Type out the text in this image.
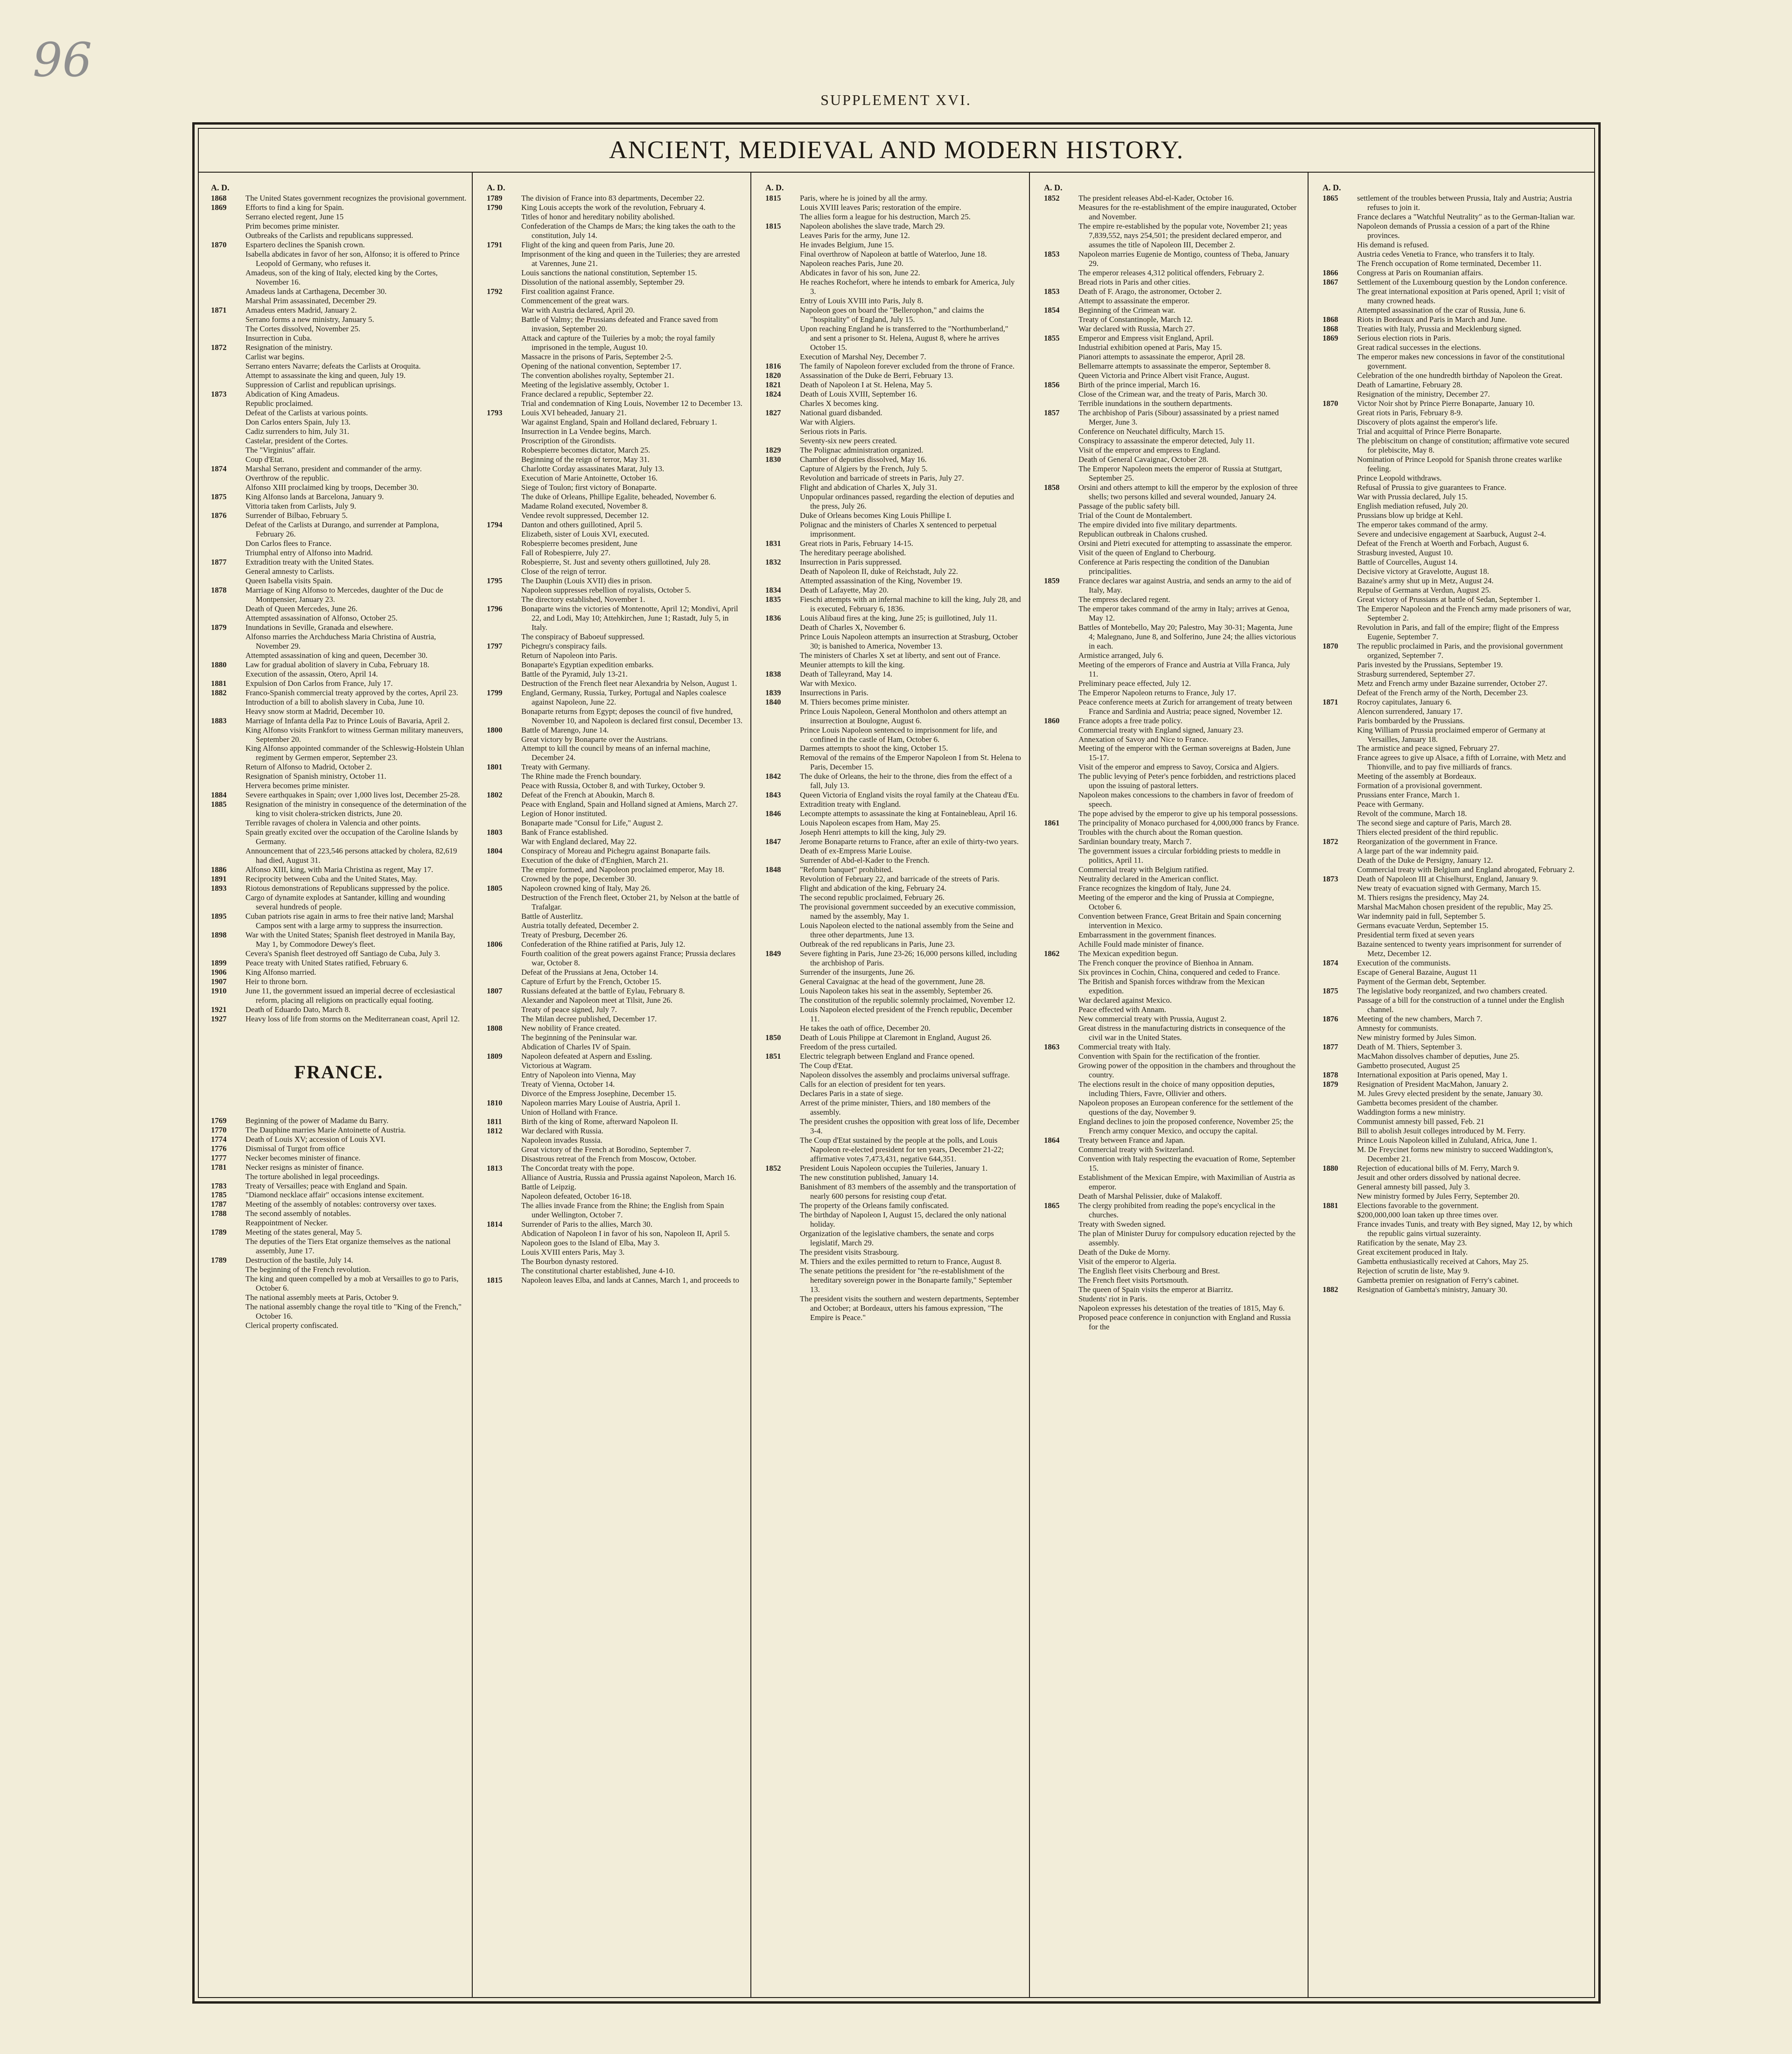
96
SUPPLEMENT XVI.
ANCIENT, MEDIEVAL AND MODERN HISTORY.
A. D.
1868	The United States government recognizes the provisional government.
1869	Efforts to find a king for Spain.
Serrano elected regent, June 15
Prim becomes prime minister.
Outbreaks of the Carlists and republicans suppressed.
1870	Espartero declines the Spanish crown.
Isabella abdicates in favor of her son, Alfonso; it is offered to Prince Leopold of Germany, who refuses it.
Amadeus, son of the king of Italy, elected king by the Cortes, November 16.
Amadeus lands at Carthagena, December 30.
Marshal Prim assassinated, December 29.
1871	Amadeus enters Madrid, January 2.
Serrano forms a new ministry, January 5.
The Cortes dissolved, November 25.
Insurrection in Cuba.
1872	Resignation of the ministry.
Carlist war begins.
Serrano enters Navarre; defeats the Carlists at Oroquita.
Attempt to assassinate the king and queen, July 19.
Suppression of Carlist and republican uprisings.
1873	Abdication of King Amadeus.
Republic proclaimed.
Defeat of the Carlists at various points.
Don Carlos enters Spain, July 13.
Cadiz surrenders to him, July 31.
Castelar, president of the Cortes.
The "Virginius" affair.
Coup d'Etat.
1874	Marshal Serrano, president and commander of the army.
Overthrow of the republic.
Alfonso XIII proclaimed king by troops, December 30.
1875	King Alfonso lands at Barcelona, January 9.
Vittoria taken from Carlists, July 9.
1876	Surrender of Bilbao, February 5.
Defeat of the Carlists at Durango, and surrender at Pamplona, February 26.
Don Carlos flees to France.
Triumphal entry of Alfonso into Madrid.
1877	Extradition treaty with the United States.
General amnesty to Carlists.
Queen Isabella visits Spain.
1878	Marriage of King Alfonso to Mercedes, daughter of the Duc de Montpensier, January 23.
Death of Queen Mercedes, June 26.
Attempted assassination of Alfonso, October 25.
1879	Inundations in Seville, Granada and elsewhere.
Alfonso marries the Archduchess Maria Christina of Austria, November 29.
Attempted assassination of king and queen, December 30.
1880	Law for gradual abolition of slavery in Cuba, February 18.
Execution of the assassin, Otero, April 14.
1881	Expulsion of Don Carlos from France, July 17.
1882	Franco-Spanish commercial treaty approved by the cortes, April 23.
Introduction of a bill to abolish slavery in Cuba, June 10.
Heavy snow storm at Madrid, December 10.
1883	Marriage of Infanta della Paz to Prince Louis of Bavaria, April 2.
King Alfonso visits Frankfort to witness German military maneuvers, September 20.
King Alfonso appointed commander of the Schleswig-Holstein Uhlan regiment by Germen emperor, September 23.
Return of Alfonso to Madrid, October 2.
Resignation of Spanish ministry, October 11.
Hervera becomes prime minister.
1884	Severe earthquakes in Spain; over 1,000 lives lost, December 25-28.
1885	Resignation of the ministry in consequence of the determination of the king to visit cholera-stricken districts, June 20.
Terrible ravages of cholera in Valencia and other points.
Spain greatly excited over the occupation of the Caroline Islands by Germany.
Announcement that of 223,546 persons attacked by cholera, 82,619 had died, August 31.
1886	Alfonso XIII, king, with Maria Christina as regent, May 17.
1891	Reciprocity between Cuba and the United States, May.
1893	Riotous demonstrations of Republicans suppressed by the police.
Cargo of dynamite explodes at Santander, killing and wounding several hundreds of people.
1895	Cuban patriots rise again in arms to free their native land; Marshal Campos sent with a large army to suppress the insurrection.
1898	War with the United States; Spanish fleet destroyed in Manila Bay, May 1, by Commodore Dewey's fleet.
Cevera's Spanish fleet destroyed off Santiago de Cuba, July 3.
1899	Peace treaty with United States ratified, February 6.
1906	King Alfonso married.
1907	Heir to throne born.
1910	June 11, the government issued an imperial decree of ecclesiastical reform, placing all religions on practically equal footing.
1921	Death of Eduardo Dato, March 8.
1927	Heavy loss of life from storms on the Mediterranean coast, April 12.
FRANCE.
1769	Beginning of the power of Madame du Barry.
1770	The Dauphine marries Marie Antoinette of Austria.
1774	Death of Louis XV; accession of Louis XVI.
1776	Dismissal of Turgot from office
1777	Necker becomes minister of finance.
1781	Necker resigns as minister of finance.
The torture abolished in legal proceedings.
1783	Treaty of Versailles; peace with England and Spain.
1785	"Diamond necklace affair" occasions intense excitement.
1787	Meeting of the assembly of notables: controversy over taxes.
1788	The second assembly of notables.
Reappointment of Necker.
1789	Meeting of the states general, May 5.
The deputies of the Tiers Etat organize themselves as the national assembly, June 17.
1789	Destruction of the bastile, July 14.
The beginning of the French revolution.
The king and queen compelled by a mob at Versailles to go to Paris, October 6.
The national assembly meets at Paris, October 9.
The national assembly change the royal title to "King of the French," October 16.
Clerical property confiscated.
A. D.
1789	The division of France into 83 departments, December 22.
1790	King Louis accepts the work of the revolution, February 4.
Titles of honor and hereditary nobility abolished.
Confederation of the Champs de Mars; the king takes the oath to the constitution, July 14.
1791	Flight of the king and queen from Paris, June 20.
Imprisonment of the king and queen in the Tuileries; they are arrested at Varennes, June 21.
Louis sanctions the national constitution, September 15.
Dissolution of the national assembly, September 29.
1792	First coalition against France.
Commencement of the great wars.
War with Austria declared, April 20.
Battle of Valmy; the Prussians defeated and France saved from invasion, September 20.
Attack and capture of the Tuileries by a mob; the royal family imprisoned in the temple, August 10.
Massacre in the prisons of Paris, September 2-5.
Opening of the national convention, September 17.
The convention abolishes royalty, September 21.
Meeting of the legislative assembly, October 1.
France declared a republic, September 22.
Trial and condemnation of King Louis, November 12 to December 13.
1793	Louis XVI beheaded, January 21.
War against England, Spain and Holland declared, February 1.
Insurrection in La Vendee begins, March.
Proscription of the Girondists.
Robespierre becomes dictator, March 25.
Beginning of the reign of terror, May 31.
Charlotte Corday assassinates Marat, July 13.
Execution of Marie Antoinette, October 16.
Siege of Toulon; first victory of Bonaparte.
The duke of Orleans, Phillipe Egalite, beheaded, November 6.
Madame Roland executed, November 8.
Vendee revolt suppressed, December 12.
1794	Danton and others guillotined, April 5.
Elizabeth, sister of Louis XVI, executed.
Robespierre becomes president, June
Fall of Robespierre, July 27.
Robespierre, St. Just and seventy others guillotined, July 28.
Close of the reign of terror.
1795	The Dauphin (Louis XVII) dies in prison.
Napoleon suppresses rebellion of royalists, October 5.
The directory established, November 1.
1796	Bonaparte wins the victories of Montenotte, April 12; Mondivi, April 22, and Lodi, May 10; Attehkirchen, June 1; Rastadt, July 5, in Italy.
The conspiracy of Baboeuf suppressed.
1797	Pichegru's conspiracy fails.
Return of Napoleon into Paris.
Bonaparte's Egyptian expedition embarks.
Battle of the Pyramid, July 13-21.
Destruction of the French fleet near Alexandria by Nelson, August 1.
1799	England, Germany, Russia, Turkey, Portugal and Naples coalesce against Napoleon, June 22.
Bonaparte returns from Egypt; deposes the council of five hundred, November 10, and Napoleon is declared first consul, December 13.
1800	Battle of Marengo, June 14.
Great victory by Bonaparte over the Austrians.
Attempt to kill the council by means of an infernal machine, December 24.
1801	Treaty with Germany.
The Rhine made the French boundary.
Peace with Russia, October 8, and with Turkey, October 9.
1802	Defeat of the French at Aboukin, March 8.
Peace with England, Spain and Holland signed at Amiens, March 27.
Legion of Honor instituted.
Bonaparte made "Consul for Life," August 2.
1803	Bank of France established.
War with England declared, May 22.
1804	Conspiracy of Moreau and Pichegru against Bonaparte fails.
Execution of the duke of d'Enghien, March 21.
The empire formed, and Napoleon proclaimed emperor, May 18.
Crowned by the pope, December 30.
1805	Napoleon crowned king of Italy, May 26.
Destruction of the French fleet, October 21, by Nelson at the battle of Trafalgar.
Battle of Austerlitz.
Austria totally defeated, December 2.
Treaty of Presburg, December 26.
1806	Confederation of the Rhine ratified at Paris, July 12.
Fourth coalition of the great powers against France; Prussia declares war, October 8.
Defeat of the Prussians at Jena, October 14.
Capture of Erfurt by the French, October 15.
1807	Russians defeated at the battle of Eylau, February 8.
Alexander and Napoleon meet at Tilsit, June 26.
Treaty of peace signed, July 7.
The Milan decree published, December 17.
1808	New nobility of France created.
The beginning of the Peninsular war.
Abdication of Charles IV of Spain.
1809	Napoleon defeated at Aspern and Essling.
Victorious at Wagram.
Entry of Napoleon into Vienna, May
Treaty of Vienna, October 14.
Divorce of the Empress Josephine, December 15.
1810	Napoleon marries Mary Louise of Austria, April 1.
Union of Holland with France.
1811	Birth of the king of Rome, afterward Napoleon II.
1812	War declared with Russia.
Napoleon invades Russia.
Great victory of the French at Borodino, September 7.
Disastrous retreat of the French from Moscow, October.
1813	The Concordat treaty with the pope.
Alliance of Austria, Russia and Prussia against Napoleon, March 16.
Battle of Leipzig.
Napoleon defeated, October 16-18.
The allies invade France from the Rhine; the English from Spain under Wellington, October 7.
1814	Surrender of Paris to the allies, March 30.
Abdication of Napoleon I in favor of his son, Napoleon II, April 5.
Napoleon goes to the Island of Elba, May 3.
Louis XVIII enters Paris, May 3.
The Bourbon dynasty restored.
The constitutional charter established, June 4-10.
1815	Napoleon leaves Elba, and lands at Cannes, March 1, and proceeds to
A. D.
1815	Paris, where he is joined by all the army.
Louis XVIII leaves Paris; restoration of the empire.
The allies form a league for his destruction, March 25.
1815	Napoleon abolishes the slave trade, March 29.
Leaves Paris for the army, June 12.
He invades Belgium, June 15.
Final overthrow of Napoleon at battle of Waterloo, June 18.
Napoleon reaches Paris, June 20.
Abdicates in favor of his son, June 22.
He reaches Rochefort, where he intends to embark for America, July 3.
Entry of Louis XVIII into Paris, July 8.
Napoleon goes on board the "Bellerophon," and claims the "hospitality" of England, July 15.
Upon reaching England he is transferred to the "Northumberland," and sent a prisoner to St. Helena, August 8, where he arrives October 15.
Execution of Marshal Ney, December 7.
1816	The family of Napoleon forever excluded from the throne of France.
1820	Assassination of the Duke de Berri, February 13.
1821	Death of Napoleon I at St. Helena, May 5.
1824	Death of Louis XVIII, September 16.
Charles X becomes king.
1827	National guard disbanded.
War with Algiers.
Serious riots in Paris.
Seventy-six new peers created.
1829	The Polignac administration organized.
1830	Chamber of deputies dissolved, May 16.
Capture of Algiers by the French, July 5.
Revolution and barricade of streets in Paris, July 27.
Flight and abdication of Charles X, July 31.
Unpopular ordinances passed, regarding the election of deputies and the press, July 26.
Duke of Orleans becomes King Louis Phillipe I.
Polignac and the ministers of Charles X sentenced to perpetual imprisonment.
1831	Great riots in Paris, February 14-15.
The hereditary peerage abolished.
1832	Insurrection in Paris suppressed.
Death of Napoleon II, duke of Reichstadt, July 22.
Attempted assassination of the King, November 19.
1834	Death of Lafayette, May 20.
1835	Fieschi attempts with an infernal machine to kill the king, July 28, and is executed, February 6, 1836.
1836	Louis Alibaud fires at the king, June 25; is guillotined, July 11.
Death of Charles X, November 6.
Prince Louis Napoleon attempts an insurrection at Strasburg, October 30; is banished to America, November 13.
The ministers of Charles X set at liberty, and sent out of France.
Meunier attempts to kill the king.
1838	Death of Talleyrand, May 14.
War with Mexico.
1839	Insurrections in Paris.
1840	M. Thiers becomes prime minister.
Prince Louis Napoleon, General Montholon and others attempt an insurrection at Boulogne, August 6.
Prince Louis Napoleon sentenced to imprisonment for life, and confined in the castle of Ham, October 6.
Darmes attempts to shoot the king, October 15.
Removal of the remains of the Emperor Napoleon I from St. Helena to Paris, December 15.
1842	The duke of Orleans, the heir to the throne, dies from the effect of a fall, July 13.
1843	Queen Victoria of England visits the royal family at the Chateau d'Eu.
Extradition treaty with England.
1846	Lecompte attempts to assassinate the king at Fontainebleau, April 16.
Louis Napoleon escapes from Ham, May 25.
Joseph Henri attempts to kill the king, July 29.
1847	Jerome Bonaparte returns to France, after an exile of thirty-two years.
Death of ex-Empress Marie Louise.
Surrender of Abd-el-Kader to the French.
1848	"Reform banquet" prohibited.
Revolution of February 22, and barricade of the streets of Paris.
Flight and abdication of the king, February 24.
The second republic proclaimed, February 26.
The provisional government succeeded by an executive commission, named by the assembly, May 1.
Louis Napoleon elected to the national assembly from the Seine and three other departments, June 13.
Outbreak of the red republicans in Paris, June 23.
1849	Severe fighting in Paris, June 23-26; 16,000 persons killed, including the archbishop of Paris.
Surrender of the insurgents, June 26.
General Cavaignac at the head of the government, June 28.
Louis Napoleon takes his seat in the assembly, September 26.
The constitution of the republic solemnly proclaimed, November 12.
Louis Napoleon elected president of the French republic, December 11.
He takes the oath of office, December 20.
1850	Death of Louis Philippe at Claremont in England, August 26.
Freedom of the press curtailed.
1851	Electric telegraph between England and France opened.
The Coup d'Etat.
Napoleon dissolves the assembly and proclaims universal suffrage.
Calls for an election of president for ten years.
Declares Paris in a state of siege.
Arrest of the prime minister, Thiers, and 180 members of the assembly.
The president crushes the opposition with great loss of life, December 3-4.
The Coup d'Etat sustained by the people at the polls, and Louis Napoleon re-elected president for ten years, December 21-22; affirmative votes 7,473,431, negative 644,351.
1852	President Louis Napoleon occupies the Tuileries, January 1.
The new constitution published, January 14.
Banishment of 83 members of the assembly and the transportation of nearly 600 persons for resisting coup d'etat.
The property of the Orleans family confiscated.
The birthday of Napoleon I, August 15, declared the only national holiday.
Organization of the legislative chambers, the senate and corps legislatif, March 29.
The president visits Strasbourg.
M. Thiers and the exiles permitted to return to France, August 8.
The senate petitions the president for "the re-establishment of the hereditary sovereign power in the Bonaparte family," September 13.
The president visits the southern and western departments, September and October; at Bordeaux, utters his famous expression, "The Empire is Peace."
A. D.
1852	The president releases Abd-el-Kader, October 16.
Measures for the re-establishment of the empire inaugurated, October and November.
The empire re-established by the popular vote, November 21; yeas 7,839,552, nays 254,501; the president declared emperor, and assumes the title of Napoleon III, December 2.
1853	Napoleon marries Eugenie de Montigo, countess of Theba, January 29.
The emperor releases 4,312 political offenders, February 2.
Bread riots in Paris and other cities.
1853	Death of F. Arago, the astronomer, October 2.
Attempt to assassinate the emperor.
1854	Beginning of the Crimean war.
Treaty of Constantinople, March 12.
War declared with Russia, March 27.
1855	Emperor and Empress visit England, April.
Industrial exhibition opened at Paris, May 15.
Pianori attempts to assassinate the emperor, April 28.
Bellemarre attempts to assassinate the emperor, September 8.
Queen Victoria and Prince Albert visit France, August.
1856	Birth of the prince imperial, March 16.
Close of the Crimean war, and the treaty of Paris, March 30.
Terrible inundations in the southern departments.
1857	The archbishop of Paris (Sibour) assassinated by a priest named Merger, June 3.
Conference on Neuchatel difficulty, March 15.
Conspiracy to assassinate the emperor detected, July 11.
Visit of the emperor and empress to England.
Death of General Cavaignac, October 28.
The Emperor Napoleon meets the emperor of Russia at Stuttgart, September 25.
1858	Orsini and others attempt to kill the emperor by the explosion of three shells; two persons killed and several wounded, January 24.
Passage of the public safety bill.
Trial of the Count de Montalembert.
The empire divided into five military departments.
Republican outbreak in Chalons crushed.
Orsini and Pietri executed for attempting to assassinate the emperor.
Visit of the queen of England to Cherbourg.
Conference at Paris respecting the condition of the Danubian principalities.
1859	France declares war against Austria, and sends an army to the aid of Italy, May.
The empress declared regent.
The emperor takes command of the army in Italy; arrives at Genoa, May 12.
Battles of Montebello, May 20; Palestro, May 30-31; Magenta, June 4; Malegnano, June 8, and Solferino, June 24; the allies victorious in each.
Armistice arranged, July 6.
Meeting of the emperors of France and Austria at Villa Franca, July 11.
Preliminary peace effected, July 12.
The Emperor Napoleon returns to France, July 17.
Peace conference meets at Zurich for arrangement of treaty between France and Sardinia and Austria; peace signed, November 12.
1860	France adopts a free trade policy.
Commercial treaty with England signed, January 23.
Annexation of Savoy and Nice to France.
Meeting of the emperor with the German sovereigns at Baden, June 15-17.
Visit of the emperor and empress to Savoy, Corsica and Algiers.
The public levying of Peter's pence forbidden, and restrictions placed upon the issuing of pastoral letters.
Napoleon makes concessions to the chambers in favor of freedom of speech.
The pope advised by the emperor to give up his temporal possessions.
1861	The principality of Monaco purchased for 4,000,000 francs by France.
Troubles with the church about the Roman question.
Sardinian boundary treaty, March 7.
The government issues a circular forbidding priests to meddle in politics, April 11.
Commercial treaty with Belgium ratified.
Neutrality declared in the American conflict.
France recognizes the kingdom of Italy, June 24.
Meeting of the emperor and the king of Prussia at Compiegne, October 6.
Convention between France, Great Britain and Spain concerning intervention in Mexico.
Embarrassment in the government finances.
Achille Fould made minister of finance.
1862	The Mexican expedition begun.
The French conquer the province of Bienhoa in Annam.
Six provinces in Cochin, China, conquered and ceded to France.
The British and Spanish forces withdraw from the Mexican expedition.
War declared against Mexico.
Peace effected with Annam.
New commercial treaty with Prussia, August 2.
Great distress in the manufacturing districts in consequence of the civil war in the United States.
1863	Commercial treaty with Italy.
Convention with Spain for the rectification of the frontier.
Growing power of the opposition in the chambers and throughout the country.
The elections result in the choice of many opposition deputies, including Thiers, Favre, Ollivier and others.
Napoleon proposes an European conference for the settlement of the questions of the day, November 9.
England declines to join the proposed conference, November 25; the French army conquer Mexico, and occupy the capital.
1864	Treaty between France and Japan.
Commercial treaty with Switzerland.
Convention with Italy respecting the evacuation of Rome, September 15.
Establishment of the Mexican Empire, with Maximilian of Austria as emperor.
Death of Marshal Pelissier, duke of Malakoff.
1865	The clergy prohibited from reading the pope's encyclical in the churches.
Treaty with Sweden signed.
The plan of Minister Duruy for compulsory education rejected by the assembly.
Death of the Duke de Morny.
Visit of the emperor to Algeria.
The English fleet visits Cherbourg and Brest.
The French fleet visits Portsmouth.
The queen of Spain visits the emperor at Biarritz.
Students' riot in Paris.
Napoleon expresses his detestation of the treaties of 1815, May 6.
Proposed peace conference in conjunction with England and Russia for the
A. D.
1865	settlement of the troubles between Prussia, Italy and Austria; Austria refuses to join it.
France declares a "Watchful Neutrality" as to the German-Italian war.
Napoleon demands of Prussia a cession of a part of the Rhine provinces.
His demand is refused.
Austria cedes Venetia to France, who transfers it to Italy.
The French occupation of Rome terminated, December 11.
1866	Congress at Paris on Roumanian affairs.
1867	Settlement of the Luxembourg question by the London conference.
The great international exposition at Paris opened, April 1; visit of many crowned heads.
Attempted assassination of the czar of Russia, June 6.
1868	Riots in Bordeaux and Paris in March and June.
1868	Treaties with Italy, Prussia and Mecklenburg signed.
1869	Serious election riots in Paris.
Great radical successes in the elections.
The emperor makes new concessions in favor of the constitutional government.
Celebration of the one hundredth birthday of Napoleon the Great.
Death of Lamartine, February 28.
Resignation of the ministry, December 27.
1870	Victor Noir shot by Prince Pierre Bonaparte, January 10.
Great riots in Paris, February 8-9.
Discovery of plots against the emperor's life.
Trial and acquittal of Prince Pierre Bonaparte.
The plebiscitum on change of constitution; affirmative vote secured for plebiscite, May 8.
Nomination of Prince Leopold for Spanish throne creates warlike feeling.
Prince Leopold withdraws.
Refusal of Prussia to give guarantees to France.
War with Prussia declared, July 15.
English mediation refused, July 20.
Prussians blow up bridge at Kehl.
The emperor takes command of the army.
Severe and undecisive engagement at Saarbuck, August 2-4.
Defeat of the French at Woerth and Forbach, August 6.
Strasburg invested, August 10.
Battle of Courcelles, August 14.
Decisive victory at Gravelotte, August 18.
Bazaine's army shut up in Metz, August 24.
Repulse of Germans at Verdun, August 25.
Great victory of Prussians at battle of Sedan, September 1.
The Emperor Napoleon and the French army made prisoners of war, September 2.
Revolution in Paris, and fall of the empire; flight of the Empress Eugenie, September 7.
1870	The republic proclaimed in Paris, and the provisional government organized, September 7.
Paris invested by the Prussians, September 19.
Strasburg surrendered, September 27.
Metz and French army under Bazaine surrender, October 27.
Defeat of the French army of the North, December 23.
1871	Rocroy capitulates, January 6.
Alencon surrendered, January 17.
Paris bombarded by the Prussians.
King William of Prussia proclaimed emperor of Germany at Versailles, January 18.
The armistice and peace signed, February 27.
France agrees to give up Alsace, a fifth of Lorraine, with Metz and Thionville, and to pay five milliards of francs.
Meeting of the assembly at Bordeaux.
Formation of a provisional government.
Prussians enter France, March 1.
Peace with Germany.
Revolt of the commune, March 18.
The second siege and capture of Paris, March 28.
Thiers elected president of the third republic.
1872	Reorganization of the government in France.
A large part of the war indemnity paid.
Death of the Duke de Persigny, January 12.
Commercial treaty with Belgium and England abrogated, February 2.
1873	Death of Napoleon III at Chiselhurst, England, January 9.
New treaty of evacuation signed with Germany, March 15.
M. Thiers resigns the presidency, May 24.
Marshal MacMahon chosen president of the republic, May 25.
War indemnity paid in full, September 5.
Germans evacuate Verdun, September 15.
Presidential term fixed at seven years
Bazaine sentenced to twenty years imprisonment for surrender of Metz, December 12.
1874	Execution of the communists.
Escape of General Bazaine, August 11
Payment of the German debt, September.
1875	The legislative body reorganized, and two chambers created.
Passage of a bill for the construction of a tunnel under the English channel.
1876	Meeting of the new chambers, March 7.
Amnesty for communists.
New ministry formed by Jules Simon.
1877	Death of M. Thiers, September 3.
MacMahon dissolves chamber of deputies, June 25.
Gambetto prosecuted, August 25
1878	International exposition at Paris opened, May 1.
1879	Resignation of President MacMahon, January 2.
M. Jules Grevy elected president by the senate, January 30.
Gambetta becomes president of the chamber.
Waddington forms a new ministry.
Communist amnesty bill passed, Feb. 21
Bill to abolish Jesuit colleges introduced by M. Ferry.
Prince Louis Napoleon killed in Zululand, Africa, June 1.
M. De Freycinet forms new ministry to succeed Waddington's, December 21.
1880	Rejection of educational bills of M. Ferry, March 9.
Jesuit and other orders dissolved by national decree.
General amnesty bill passed, July 3.
New ministry formed by Jules Ferry, September 20.
1881	Elections favorable to the government.
$200,000,000 loan taken up three times over.
France invades Tunis, and treaty with Bey signed, May 12, by which the republic gains virtual suzerainty.
Ratification by the senate, May 23.
Great excitement produced in Italy.
Gambetta enthusiastically received at Cahors, May 25.
Rejection of scrutin de liste, May 9.
Gambetta premier on resignation of Ferry's cabinet.
1882	Resignation of Gambetta's ministry, January 30.
